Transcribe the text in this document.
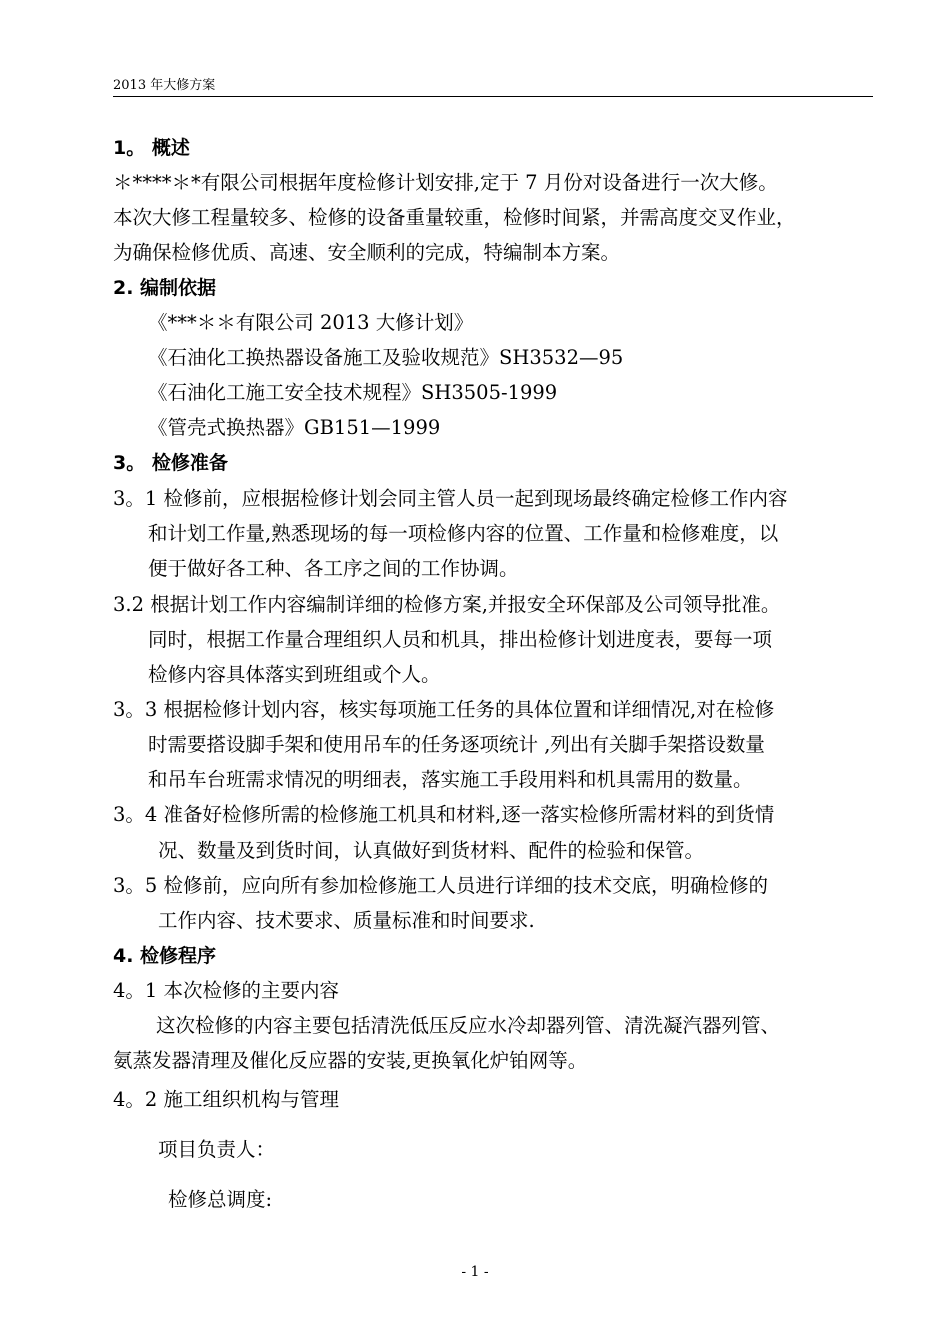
2013 年大修方案
1。 概述
＊****＊*有限公司根据年度检修计划安排,定于 7 月份对设备进行一次大修。
本次大修工程量较多、检修的设备重量较重，检修时间紧，并需高度交叉作业，
为确保检修优质、高速、安全顺利的完成，特编制本方案。
2. 编制依据
《***＊＊有限公司 2013 大修计划》
《石油化工换热器设备施工及验收规范》SH3532—95
《石油化工施工安全技术规程》SH3505-1999
《管壳式换热器》GB151—1999
3。 检修准备
3。1 检修前，应根据检修计划会同主管人员一起到现场最终确定检修工作内容
和计划工作量,熟悉现场的每一项检修内容的位置、工作量和检修难度，以
便于做好各工种、各工序之间的工作协调。
3.2 根据计划工作内容编制详细的检修方案,并报安全环保部及公司领导批准。
同时，根据工作量合理组织人员和机具，排出检修计划进度表，要每一项
检修内容具体落实到班组或个人。
3。3 根据检修计划内容，核实每项施工任务的具体位置和详细情况,对在检修
时需要搭设脚手架和使用吊车的任务逐项统计 ,列出有关脚手架搭设数量
和吊车台班需求情况的明细表，落实施工手段用料和机具需用的数量。
3。4 准备好检修所需的检修施工机具和材料,逐一落实检修所需材料的到货情
况、数量及到货时间，认真做好到货材料、配件的检验和保管。
3。5 检修前，应向所有参加检修施工人员进行详细的技术交底，明确检修的
工作内容、技术要求、质量标准和时间要求.
4. 检修程序
4。1 本次检修的主要内容
这次检修的内容主要包括清洗低压反应水冷却器列管、清洗凝汽器列管、
氨蒸发器清理及催化反应器的安装,更换氧化炉铂网等。
4。2 施工组织机构与管理
项目负责人：
检修总调度:
- 1 -
